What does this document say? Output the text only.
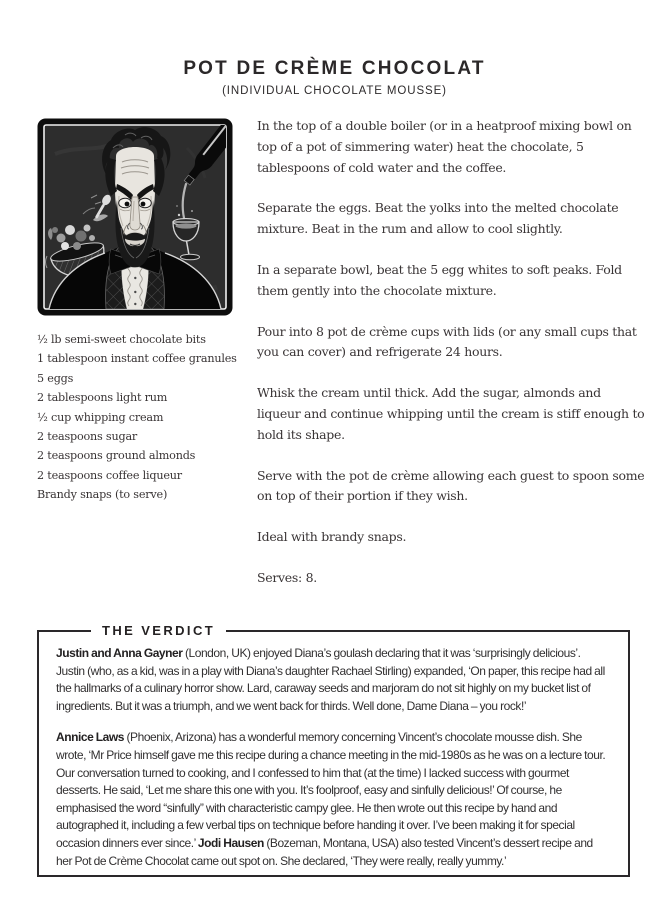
POT DE CRÈME CHOCOLAT
(INDIVIDUAL CHOCOLATE MOUSSE)
½ lb semi-sweet chocolate bits
1 tablespoon instant coffee granules
5 eggs
2 tablespoons light rum
½ cup whipping cream
2 teaspoons sugar
2 teaspoons ground almonds
2 teaspoons coffee liqueur
Brandy snaps (to serve)

In the top of a double boiler (or in a heatproof mixing bowl on top of a pot of simmering water) heat the chocolate, 5 tablespoons of cold water and the coffee.

Separate the eggs. Beat the yolks into the melted chocolate mixture. Beat in the rum and allow to cool slightly.

In a separate bowl, beat the 5 egg whites to soft peaks. Fold them gently into the chocolate mixture.

Pour into 8 pot de crème cups with lids (or any small cups that you can cover) and refrigerate 24 hours.

Whisk the cream until thick. Add the sugar, almonds and liqueur and continue whipping until the cream is stiff enough to hold its shape.

Serve with the pot de crème allowing each guest to spoon some on top of their portion if they wish.

Ideal with brandy snaps.

Serves: 8.

THE VERDICT

Justin and Anna Gayner (London, UK) enjoyed Diana’s goulash declaring that it was ‘surprisingly delicious’. Justin (who, as a kid, was in a play with Diana’s daughter Rachael Stirling) expanded, ‘On paper, this recipe had all the hallmarks of a culinary horror show. Lard, caraway seeds and marjoram do not sit highly on my bucket list of ingredients. But it was a triumph, and we went back for thirds. Well done, Dame Diana – you rock!’

Annice Laws (Phoenix, Arizona) has a wonderful memory concerning Vincent’s chocolate mousse dish. She wrote, ‘Mr Price himself gave me this recipe during a chance meeting in the mid-1980s as he was on a lecture tour. Our conversation turned to cooking, and I confessed to him that (at the time) I lacked success with gourmet desserts. He said, ‘Let me share this one with you. It’s foolproof, easy and sinfully delicious!’ Of course, he emphasised the word “sinfully” with characteristic campy glee. He then wrote out this recipe by hand and autographed it, including a few verbal tips on technique before handing it over. I’ve been making it for special occasion dinners ever since.’ Jodi Hausen (Bozeman, Montana, USA) also tested Vincent’s dessert recipe and her Pot de Crème Chocolat came out spot on. She declared, ‘They were really, really yummy.’
